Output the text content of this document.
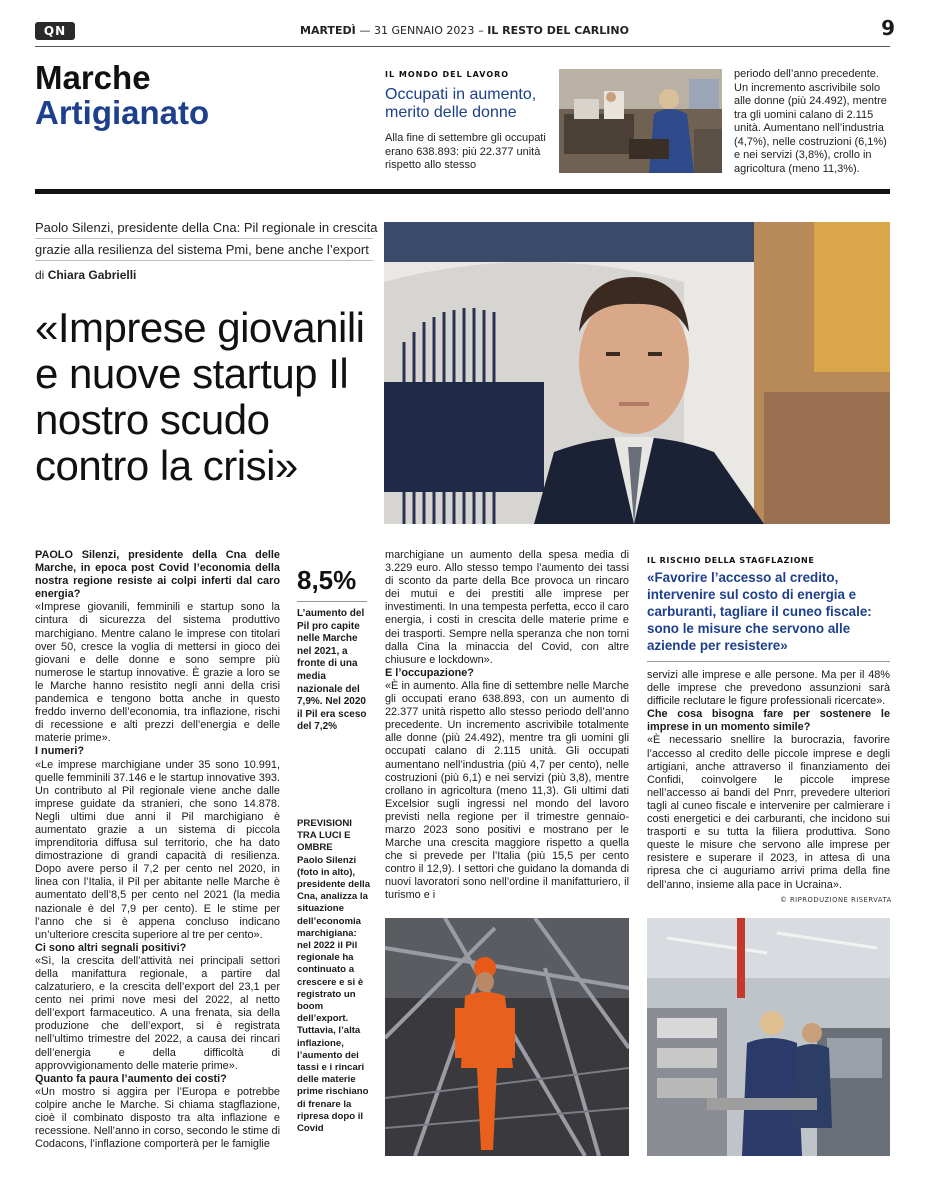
QN	MARTEDÌ — 31 GENNAIO 2023 – IL RESTO DEL CARLINO	9
Marche
Artigianato
IL MONDO DEL LAVORO
Occupati in aumento, merito delle donne
Alla fine di settembre gli occupati erano 638.893: più 22.377 unità rispetto allo stesso
periodo dell’anno precedente. Un incremento ascrivibile solo alle donne (più 24.492), mentre tra gli uomini calano di 2.115 unità. Aumentano nell’industria (4,7%), nelle costruzioni (6,1%) e nei servizi (3,8%), crollo in agricoltura (meno 11,3%).
Paolo Silenzi, presidente della Cna: Pil regionale in crescita
grazie alla resilienza del sistema Pmi, bene anche l’export
di Chiara Gabrielli
«Imprese giovanili e nuove startup Il nostro scudo contro la crisi»

PAOLO Silenzi, presidente della Cna delle Marche, in epoca post Covid l’economia della nostra regione resiste ai colpi inferti dal caro energia?

«Imprese giovanili, femminili e startup sono la cintura di sicurezza del sistema produttivo marchigiano. Mentre calano le imprese con titolari over 50, cresce la voglia di mettersi in gioco dei giovani e delle donne e sono sempre più numerose le startup innovative. È grazie a loro se le Marche hanno resistito negli anni della crisi pandemica e tengono botta anche in questo freddo inverno dell’economia, tra inflazione, rischi di recessione e alti prezzi dell’energia e delle materie prime».

I numeri?

«Le imprese marchigiane under 35 sono 10.991, quelle femminili 37.146 e le startup innovative 393. Un contributo al Pil regionale viene anche dalle imprese guidate da stranieri, che sono 14.878. Negli ultimi due anni il Pil marchigiano è aumentato grazie a un sistema di piccola imprenditoria diffusa sul territorio, che ha dato dimostrazione di grandi capacità di resilienza. Dopo avere perso il 7,2 per cento nel 2020, in linea con l’Italia, il Pil per abitante nelle Marche è aumentato dell’8,5 per cento nel 2021 (la media nazionale è del 7,9 per cento). E le stime per l’anno che si è appena concluso indicano un’ulteriore crescita superiore al tre per cento».

Ci sono altri segnali positivi?

«Sì, la crescita dell’attività nei principali settori della manifattura regionale, a partire dal calzaturiero, e la crescita dell’export del 23,1 per cento nei primi nove mesi del 2022, al netto dell’export farmaceutico. A una frenata, sia della produzione che dell’export, si è registrata nell’ultimo trimestre del 2022, a causa dei rincari dell’energia e della difficoltà di approvvigionamento delle materie prime».

Quanto fa paura l’aumento dei costi?

«Un mostro si aggira per l’Europa e potrebbe colpire anche le Marche. Si chiama stagflazione, cioè il combinato disposto tra alta inflazione e recessione. Nell’anno in corso, secondo le stime di Codacons, l’inflazione comporterà per le famiglie

8,5%
L’aumento del Pil pro capite nelle Marche nel 2021, a fronte di una media nazionale del 7,9%. Nel 2020 il Pil era sceso del 7,2%
PREVISIONI TRA LUCI E OMBRE
Paolo Silenzi (foto in alto), presidente della Cna, analizza la situazione dell’economia marchigiana: nel 2022 il Pil regionale ha continuato a crescere e si è registrato un boom dell’export. Tuttavia, l’alta inflazione, l’aumento dei tassi e i rincari delle materie prime rischiano di frenare la ripresa dopo il Covid

marchigiane un aumento della spesa media di 3.229 euro. Allo stesso tempo l’aumento dei tassi di sconto da parte della Bce provoca un rincaro dei mutui e dei prestiti alle imprese per investimenti. In una tempesta perfetta, ecco il caro energia, i costi in crescita delle materie prime e dei trasporti. Sempre nella speranza che non torni dalla Cina la minaccia del Covid, con altre chiusure e lockdown».

E l’occupazione?

«È in aumento. Alla fine di settembre nelle Marche gli occupati erano 638.893, con un aumento di 22.377 unità rispetto allo stesso periodo dell’anno precedente. Un incremento ascrivibile totalmente alle donne (più 24.492), mentre tra gli uomini gli occupati calano di 2.115 unità. Gli occupati aumentano nell’industria (più 4,7 per cento), nelle costruzioni (più 6,1) e nei servizi (più 3,8), mentre crollano in agricoltura (meno 11,3). Gli ultimi dati Excelsior sugli ingressi nel mondo del lavoro previsti nella regione per il trimestre gennaio-marzo 2023 sono positivi e mostrano per le Marche una crescita maggiore rispetto a quella che si prevede per l’Italia (più 15,5 per cento contro il 12,9). I settori che guidano la domanda di nuovi lavoratori sono nell’ordine il manifatturiero, il turismo e i

IL RISCHIO DELLA STAGFLAZIONE
«Favorire l’accesso al credito, intervenire sul costo di energia e carburanti, tagliare il cuneo fiscale: sono le misure che servono alle aziende per resistere»

servizi alle imprese e alle persone. Ma per il 48% delle imprese che prevedono assunzioni sarà difficile reclutare le figure professionali ricercate».

Che cosa bisogna fare per sostenere le imprese in un momento simile?

«È necessario snellire la burocrazia, favorire l’accesso al credito delle piccole imprese e degli artigiani, anche attraverso il finanziamento dei Confidi, coinvolgere le piccole imprese nell’accesso ai bandi del Pnrr, prevedere ulteriori tagli al cuneo fiscale e intervenire per calmierare i costi energetici e dei carburanti, che incidono sui trasporti e su tutta la filiera produttiva. Sono queste le misure che servono alle imprese per resistere e superare il 2023, in attesa di una ripresa che ci auguriamo arrivi prima della fine dell’anno, insieme alla pace in Ucraina».

© RIPRODUZIONE RISERVATA
